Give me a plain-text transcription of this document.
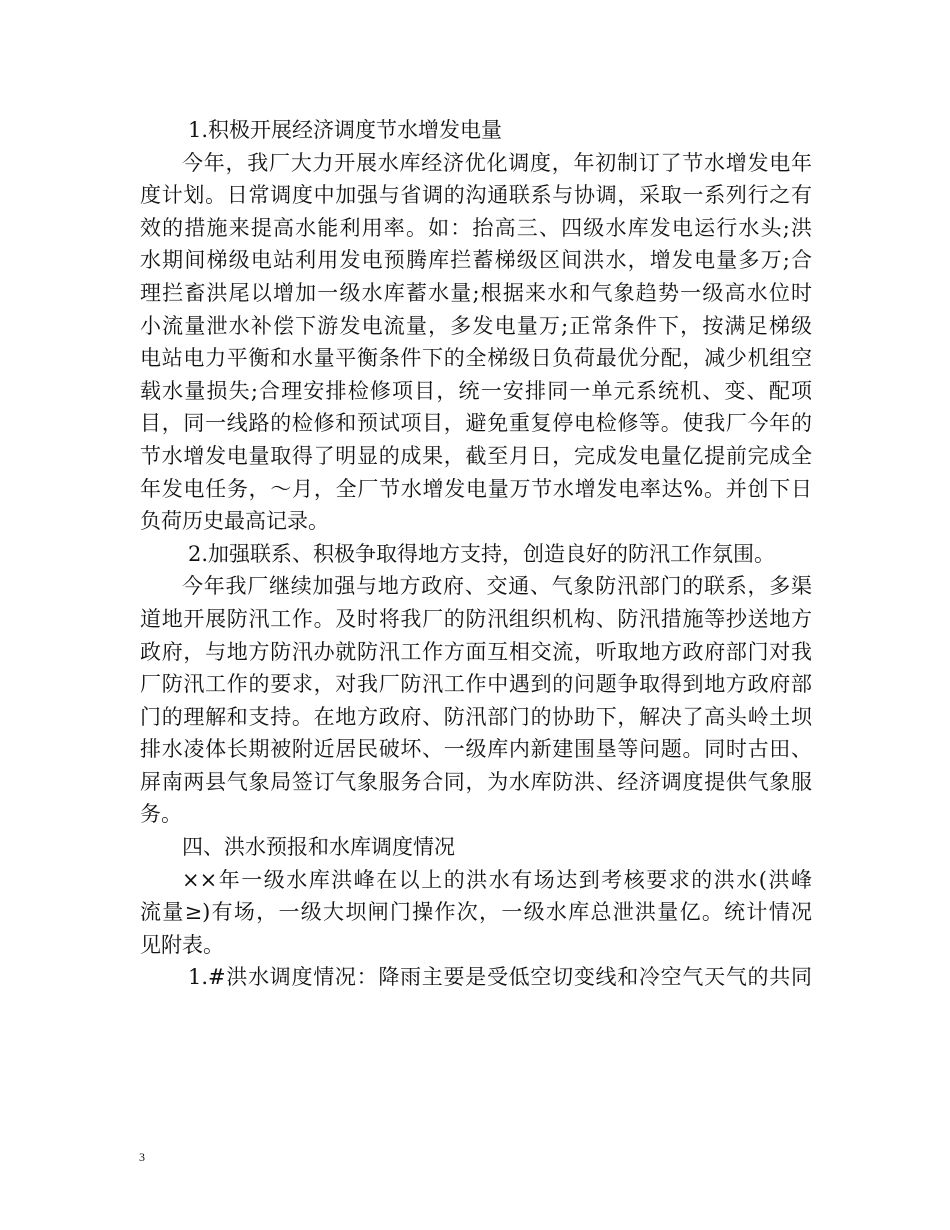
1.积极开展经济调度节水增发电量
今年，我厂大力开展水库经济优化调度，年初制订了节水增发电年
度计划。日常调度中加强与省调的沟通联系与协调，采取一系列行之有
效的措施来提高水能利用率。如：抬高三、四级水库发电运行水头;洪
水期间梯级电站利用发电预腾库拦蓄梯级区间洪水，增发电量多万;合
理拦畜洪尾以增加一级水库蓄水量;根据来水和气象趋势一级高水位时
小流量泄水补偿下游发电流量，多发电量万;正常条件下，按满足梯级
电站电力平衡和水量平衡条件下的全梯级日负荷最优分配，减少机组空
载水量损失;合理安排检修项目，统一安排同一单元系统机、变、配项
目，同一线路的检修和预试项目，避免重复停电检修等。使我厂今年的
节水增发电量取得了明显的成果，截至月日，完成发电量亿提前完成全
年发电任务，～月，全厂节水增发电量万节水增发电率达%。并创下日
负荷历史最高记录。
2.加强联系、积极争取得地方支持，创造良好的防汛工作氛围。
今年我厂继续加强与地方政府、交通、气象防汛部门的联系，多渠
道地开展防汛工作。及时将我厂的防汛组织机构、防汛措施等抄送地方
政府，与地方防汛办就防汛工作方面互相交流，听取地方政府部门对我
厂防汛工作的要求，对我厂防汛工作中遇到的问题争取得到地方政府部
门的理解和支持。在地方政府、防汛部门的协助下，解决了高头岭土坝
排水凌体长期被附近居民破坏、一级库内新建围垦等问题。同时古田、
屏南两县气象局签订气象服务合同，为水库防洪、经济调度提供气象服
务。
四、洪水预报和水库调度情况
××年一级水库洪峰在以上的洪水有场达到考核要求的洪水(洪峰
流量≥)有场，一级大坝闸门操作次，一级水库总泄洪量亿。统计情况
见附表。
1.#洪水调度情况：降雨主要是受低空切变线和冷空气天气的共同
3
